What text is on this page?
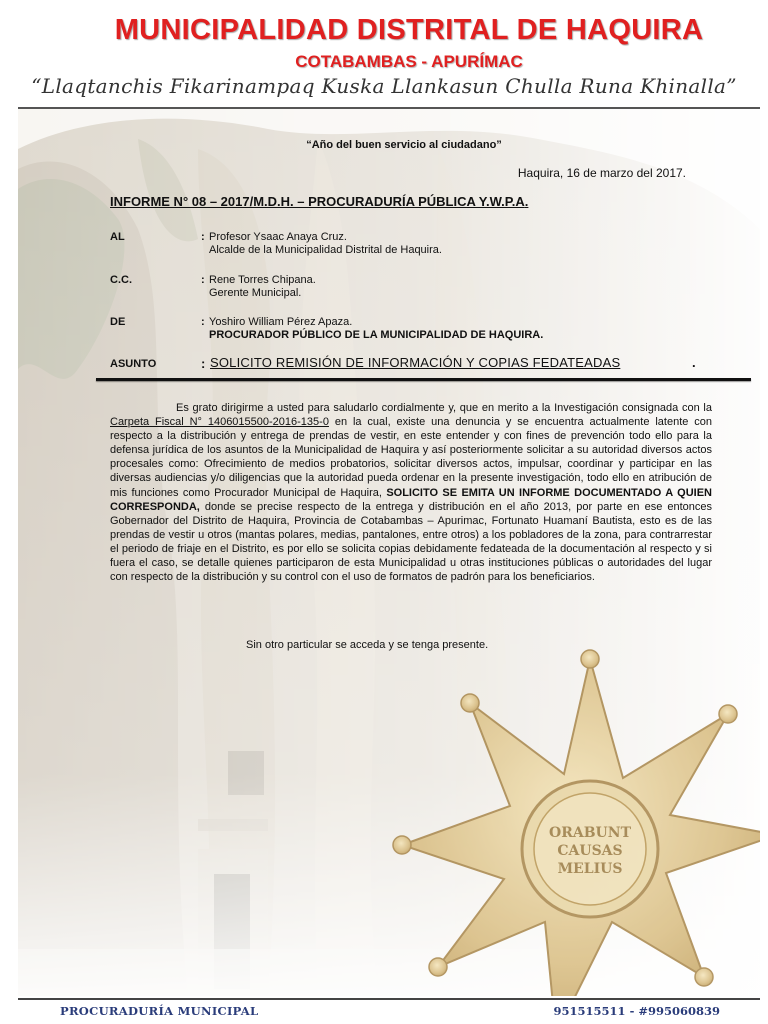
MUNICIPALIDAD DISTRITAL DE HAQUIRA
COTABAMBAS - APURÍMAC
“Llaqtanchis Fikarinampaq Kuska Llankasun Chulla Runa Khinalla”
ORABUNT
CAUSAS
MELIUS
“Año del buen servicio al ciudadano”
Haquira, 16 de marzo del 2017.
INFORME N° 08 – 2017/M.D.H. – PROCURADURÍA PÚBLICA Y.W.P.A.
AL	: Profesor Ysaac Anaya Cruz.
Alcalde de la Municipalidad Distrital de Haquira.
C.C.	: Rene Torres Chipana.
Gerente Municipal.
DE	: Yoshiro William Pérez Apaza.
PROCURADOR PÚBLICO DE LA MUNICIPALIDAD DE HAQUIRA.
ASUNTO	: SOLICITO REMISIÓN DE INFORMACIÓN Y COPIAS FEDATEADAS	.
Es grato dirigirme a usted para saludarlo cordialmente y, que en merito a la Investigación consignada con la Carpeta Fiscal N° 1406015500-2016-135-0 en la cual, existe una denuncia y se encuentra actualmente latente con respecto a la distribución y entrega de prendas de vestir, en este entender y con fines de prevención todo ello para la defensa jurídica de los asuntos de la Municipalidad de Haquira y así posteriormente solicitar a su autoridad diversos actos procesales como: Ofrecimiento de medios probatorios, solicitar diversos actos, impulsar, coordinar y participar en las diversas audiencias y/o diligencias que la autoridad pueda ordenar en la presente investigación, todo ello en atribución de mis funciones como Procurador Municipal de Haquira, SOLICITO SE EMITA UN INFORME DOCUMENTADO A QUIEN CORRESPONDA, donde se precise respecto de la entrega y distribución en el año 2013, por parte en ese entonces Gobernador del Distrito de Haquira, Provincia de Cotabambas – Apurimac, Fortunato Huamaní Bautista, esto es de las prendas de vestir u otros (mantas polares, medias, pantalones, entre otros) a los pobladores de la zona, para contrarrestar el periodo de friaje en el Distrito, es por ello se solicita copias debidamente fedateada de la documentación al respecto y si fuera el caso, se detalle quienes participaron de esta Municipalidad u otras instituciones públicas o autoridades del lugar con respecto de la distribución y su control con el uso de formatos de padrón para los beneficiarios.
Sin otro particular se acceda y se tenga presente.
PROCURADURÍA MUNICIPAL	951515511 - #995060839
